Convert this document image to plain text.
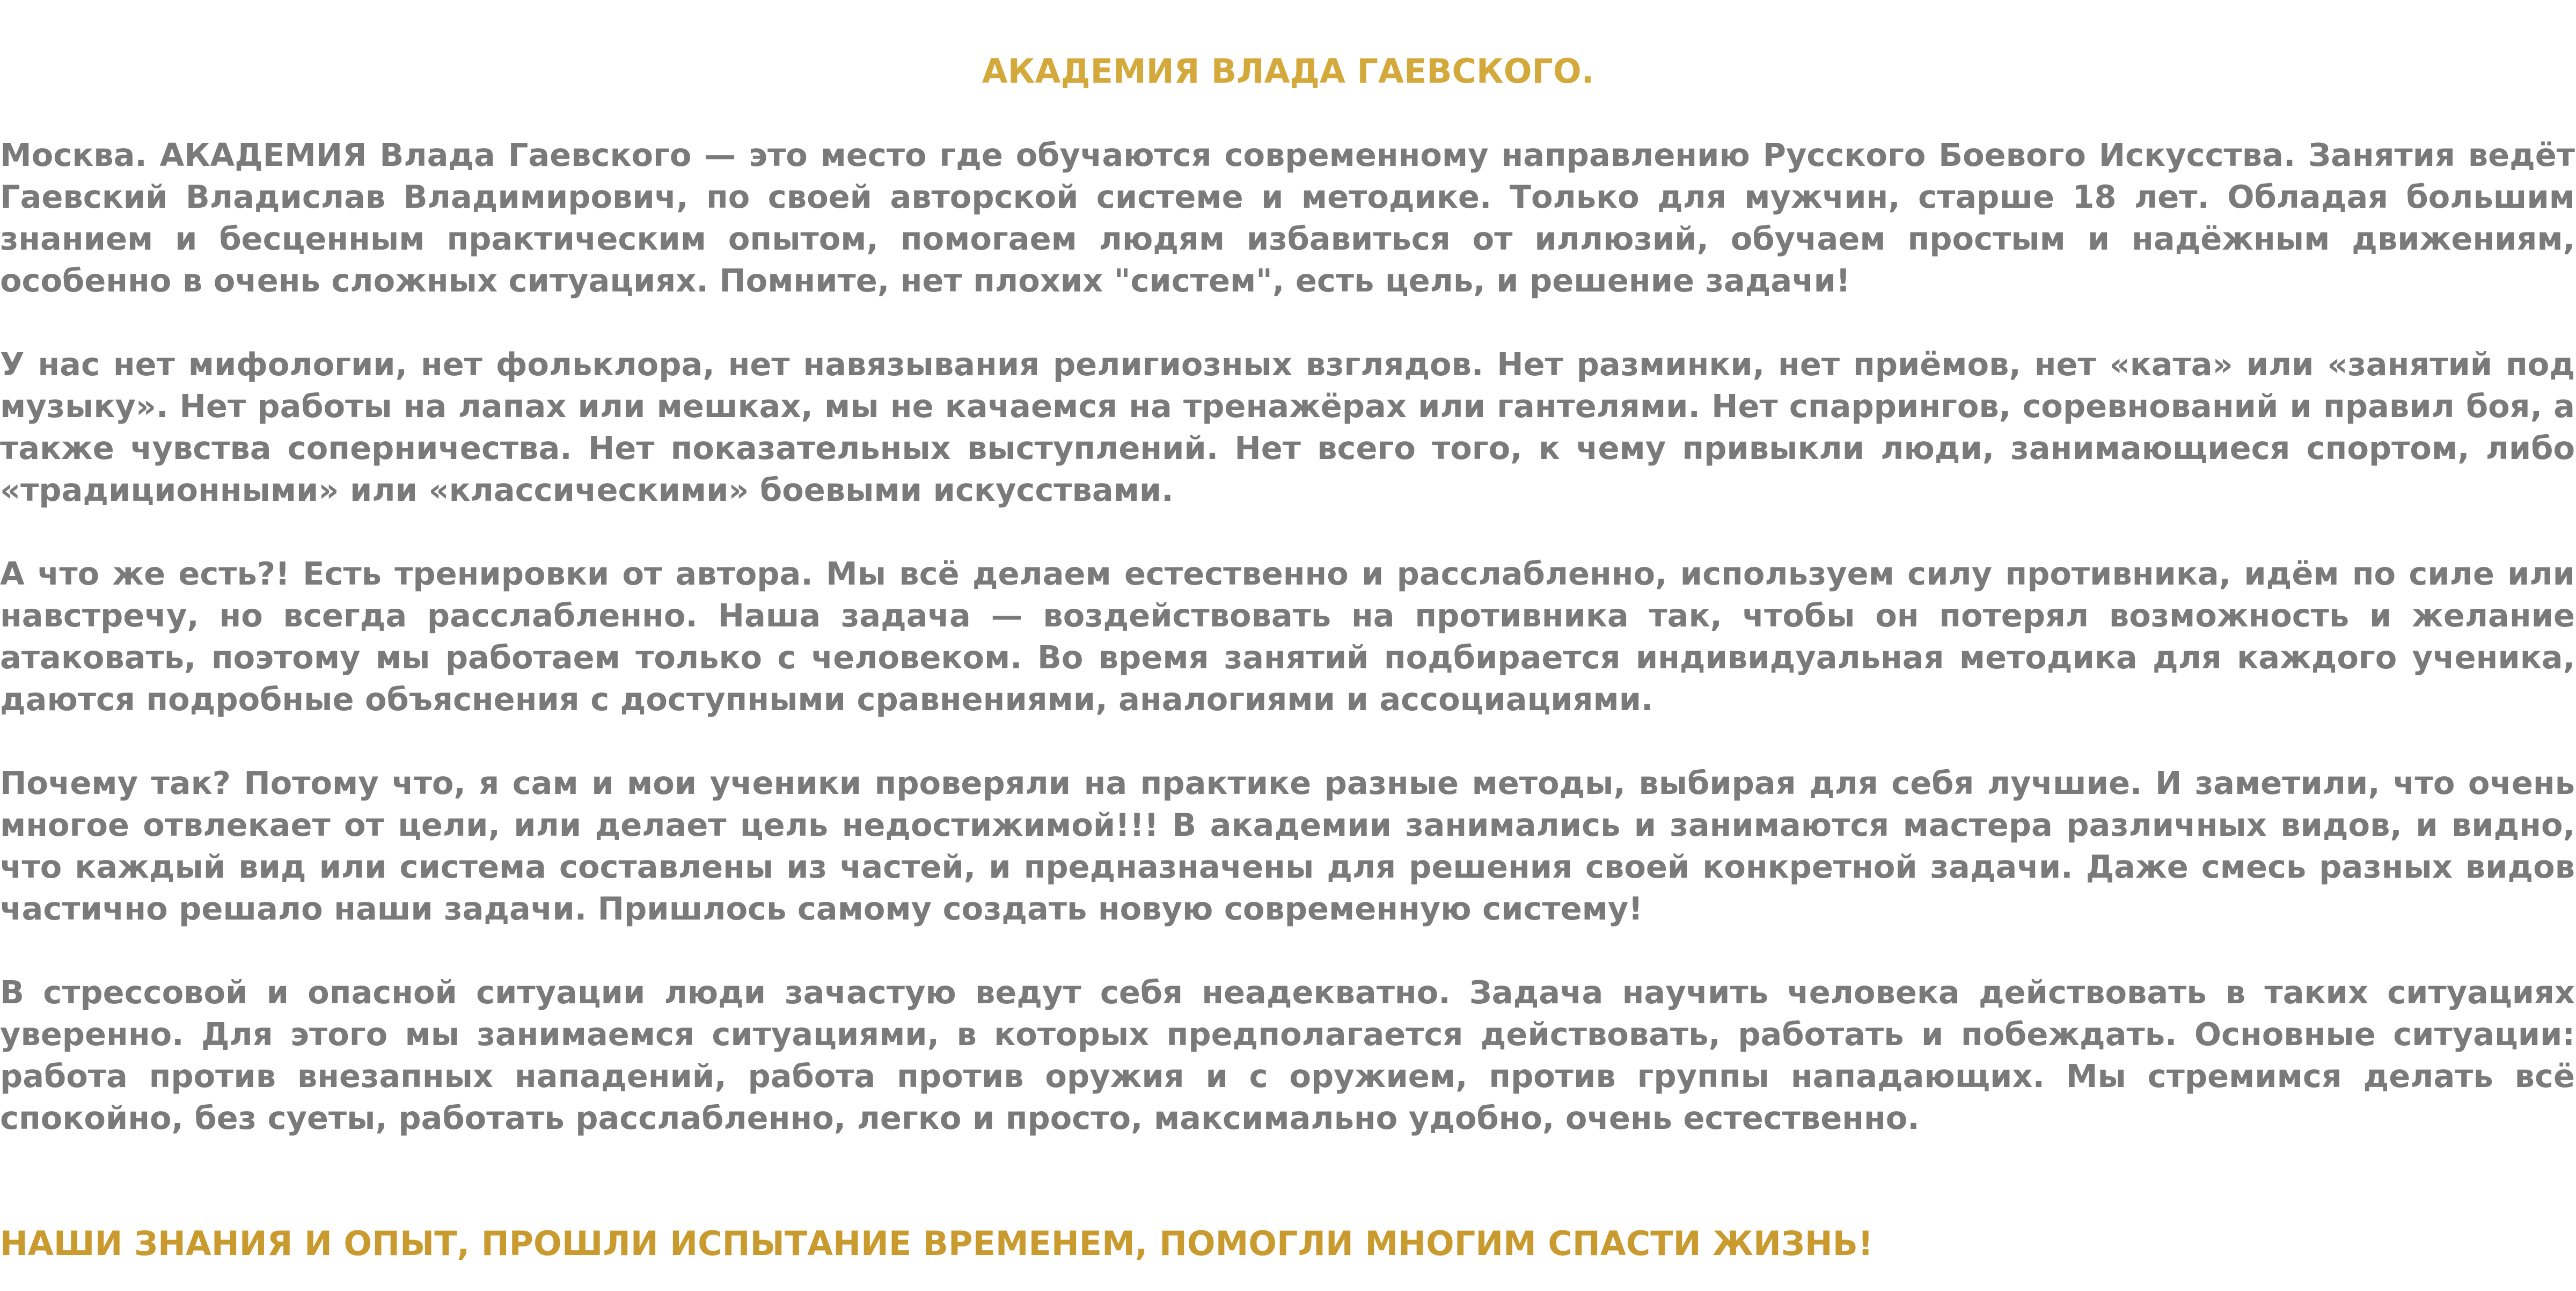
АКАДЕМИЯ ВЛАДА ГАЕВСКОГО.

Москва. АКАДЕМИЯ Влада Гаевского — это место где обучаются современному направлению Русского Боевого Искусства. Занятия ведёт Гаевский Владислав Владимирович, по своей авторской системе и методике. Только для мужчин, старше 18 лет. Обладая большим знанием и бесценным практическим опытом, помогаем людям избавиться от иллюзий, обучаем простым и надёжным движениям, особенно в очень сложных ситуациях. Помните, нет плохих "систем", есть цель, и решение задачи!

У нас нет мифологии, нет фольклора, нет навязывания религиозных взглядов. Нет разминки, нет приёмов, нет «ката» или «занятий под музыку». Нет работы на лапах или мешках, мы не качаемся на тренажёрах или гантелями. Нет спаррингов, соревнований и правил боя, а также чувства соперничества. Нет показательных выступлений. Нет всего того, к чему привыкли люди, занимающиеся спортом, либо «традиционными» или «классическими» боевыми искусствами.

А что же есть?! Есть тренировки от автора. Мы всё делаем естественно и расслабленно, используем силу противника, идём по силе или навстречу, но всегда расслабленно. Наша задача — воздействовать на противника так, чтобы он потерял возможность и желание атаковать, поэтому мы работаем только с человеком. Во время занятий подбирается индивидуальная методика для каждого ученика, даются подробные объяснения с доступными сравнениями, аналогиями и ассоциациями.

Почему так? Потому что, я сам и мои ученики проверяли на практике разные методы, выбирая для себя лучшие. И заметили, что очень многое отвлекает от цели, или делает цель недостижимой!!! В академии занимались и занимаются мастера различных видов, и видно, что каждый вид или система составлены из частей, и предназначены для решения своей конкретной задачи. Даже смесь разных видов частично решало наши задачи. Пришлось самому создать новую современную систему!

В стрессовой и опасной ситуации люди зачастую ведут себя неадекватно. Задача научить человека действовать в таких ситуациях уверенно. Для этого мы занимаемся ситуациями, в которых предполагается действовать, работать и побеждать. Основные ситуации: работа против внезапных нападений, работа против оружия и с оружием, против группы нападающих. Мы стремимся делать всё спокойно, без суеты, работать расслабленно, легко и просто, максимально удобно, очень естественно.

НАШИ ЗНАНИЯ И ОПЫТ, ПРОШЛИ ИСПЫТАНИЕ ВРЕМЕНЕМ, ПОМОГЛИ МНОГИМ СПАСТИ ЖИЗНЬ!
